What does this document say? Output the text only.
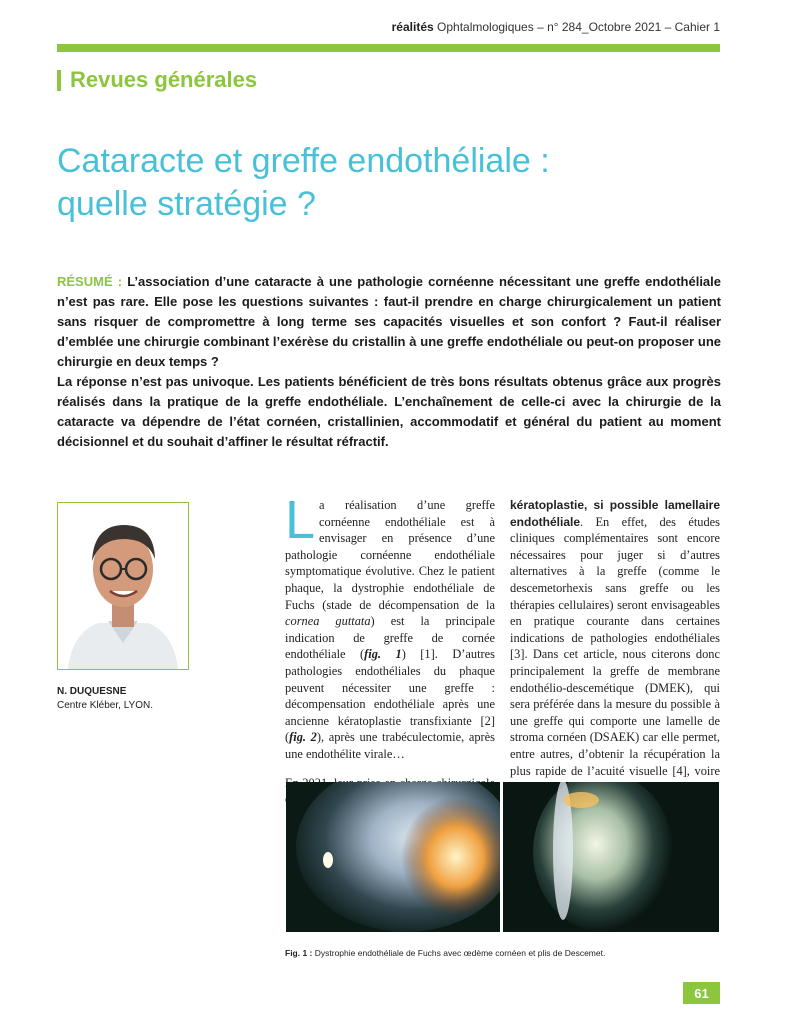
réalités Ophtalmologiques – n° 284_Octobre 2021 – Cahier 1
Revues générales
Cataracte et greffe endothéliale :
quelle stratégie ?

RÉSUMÉ : L’association d’une cataracte à une pathologie cornéenne nécessitant une greffe endothéliale n’est pas rare. Elle pose les questions suivantes : faut-il prendre en charge chirurgicalement un patient sans risquer de compromettre à long terme ses capacités visuelles et son confort ? Faut-il réaliser d’emblée une chirurgie combinant l’exérèse du cristallin à une greffe endothéliale ou peut-on proposer une chirurgie en deux temps ?

La réponse n’est pas univoque. Les patients bénéficient de très bons résultats obtenus grâce aux progrès réalisés dans la pratique de la greffe endothéliale. L’enchaînement de celle-ci avec la chirurgie de la cataracte va dépendre de l’état cornéen, cristallinien, accommodatif et général du patient au moment décisionnel et du souhait d’affiner le résultat réfractif.

N. DUQUESNE
Centre Kléber, LYON.

La réalisation d’une greffe cornéenne endothéliale est à envisager en présence d’une pathologie cornéenne endothéliale symptomatique évolutive. Chez le patient phaque, la dystrophie endothéliale de Fuchs (stade de décompensation de la cornea guttata) est la principale indication de greffe de cornée endothéliale (fig. 1) [1]. D’autres pathologies endothéliales du phaque peuvent nécessiter une greffe : décompensation endothéliale après une ancienne kératoplastie transfixiante [2] (fig. 2), après une trabéculectomie, après une endothélite virale…

kératoplastie, si possible lamellaire endothéliale. En effet, des études cliniques complémentaires sont encore nécessaires pour juger si d’autres alternatives à la greffe (comme le descemetorhexis sans greffe ou les thérapies cellulaires) seront envisageables en pratique courante dans certaines indications de pathologies endothéliales [3]. Dans cet article, nous citerons donc principalement la greffe de membrane endothélio-descemétique (DMEK), qui sera préférée dans la mesure du possible à une greffe qui comporte une lamelle de stroma cornéen (DSAEK) car elle permet, entre autres, d’obtenir la récupération la plus rapide de l’acuité visuelle [4], voire

Fig. 1 : Dystrophie endothéliale de Fuchs avec œdème cornéen et plis de Descemet.
61
